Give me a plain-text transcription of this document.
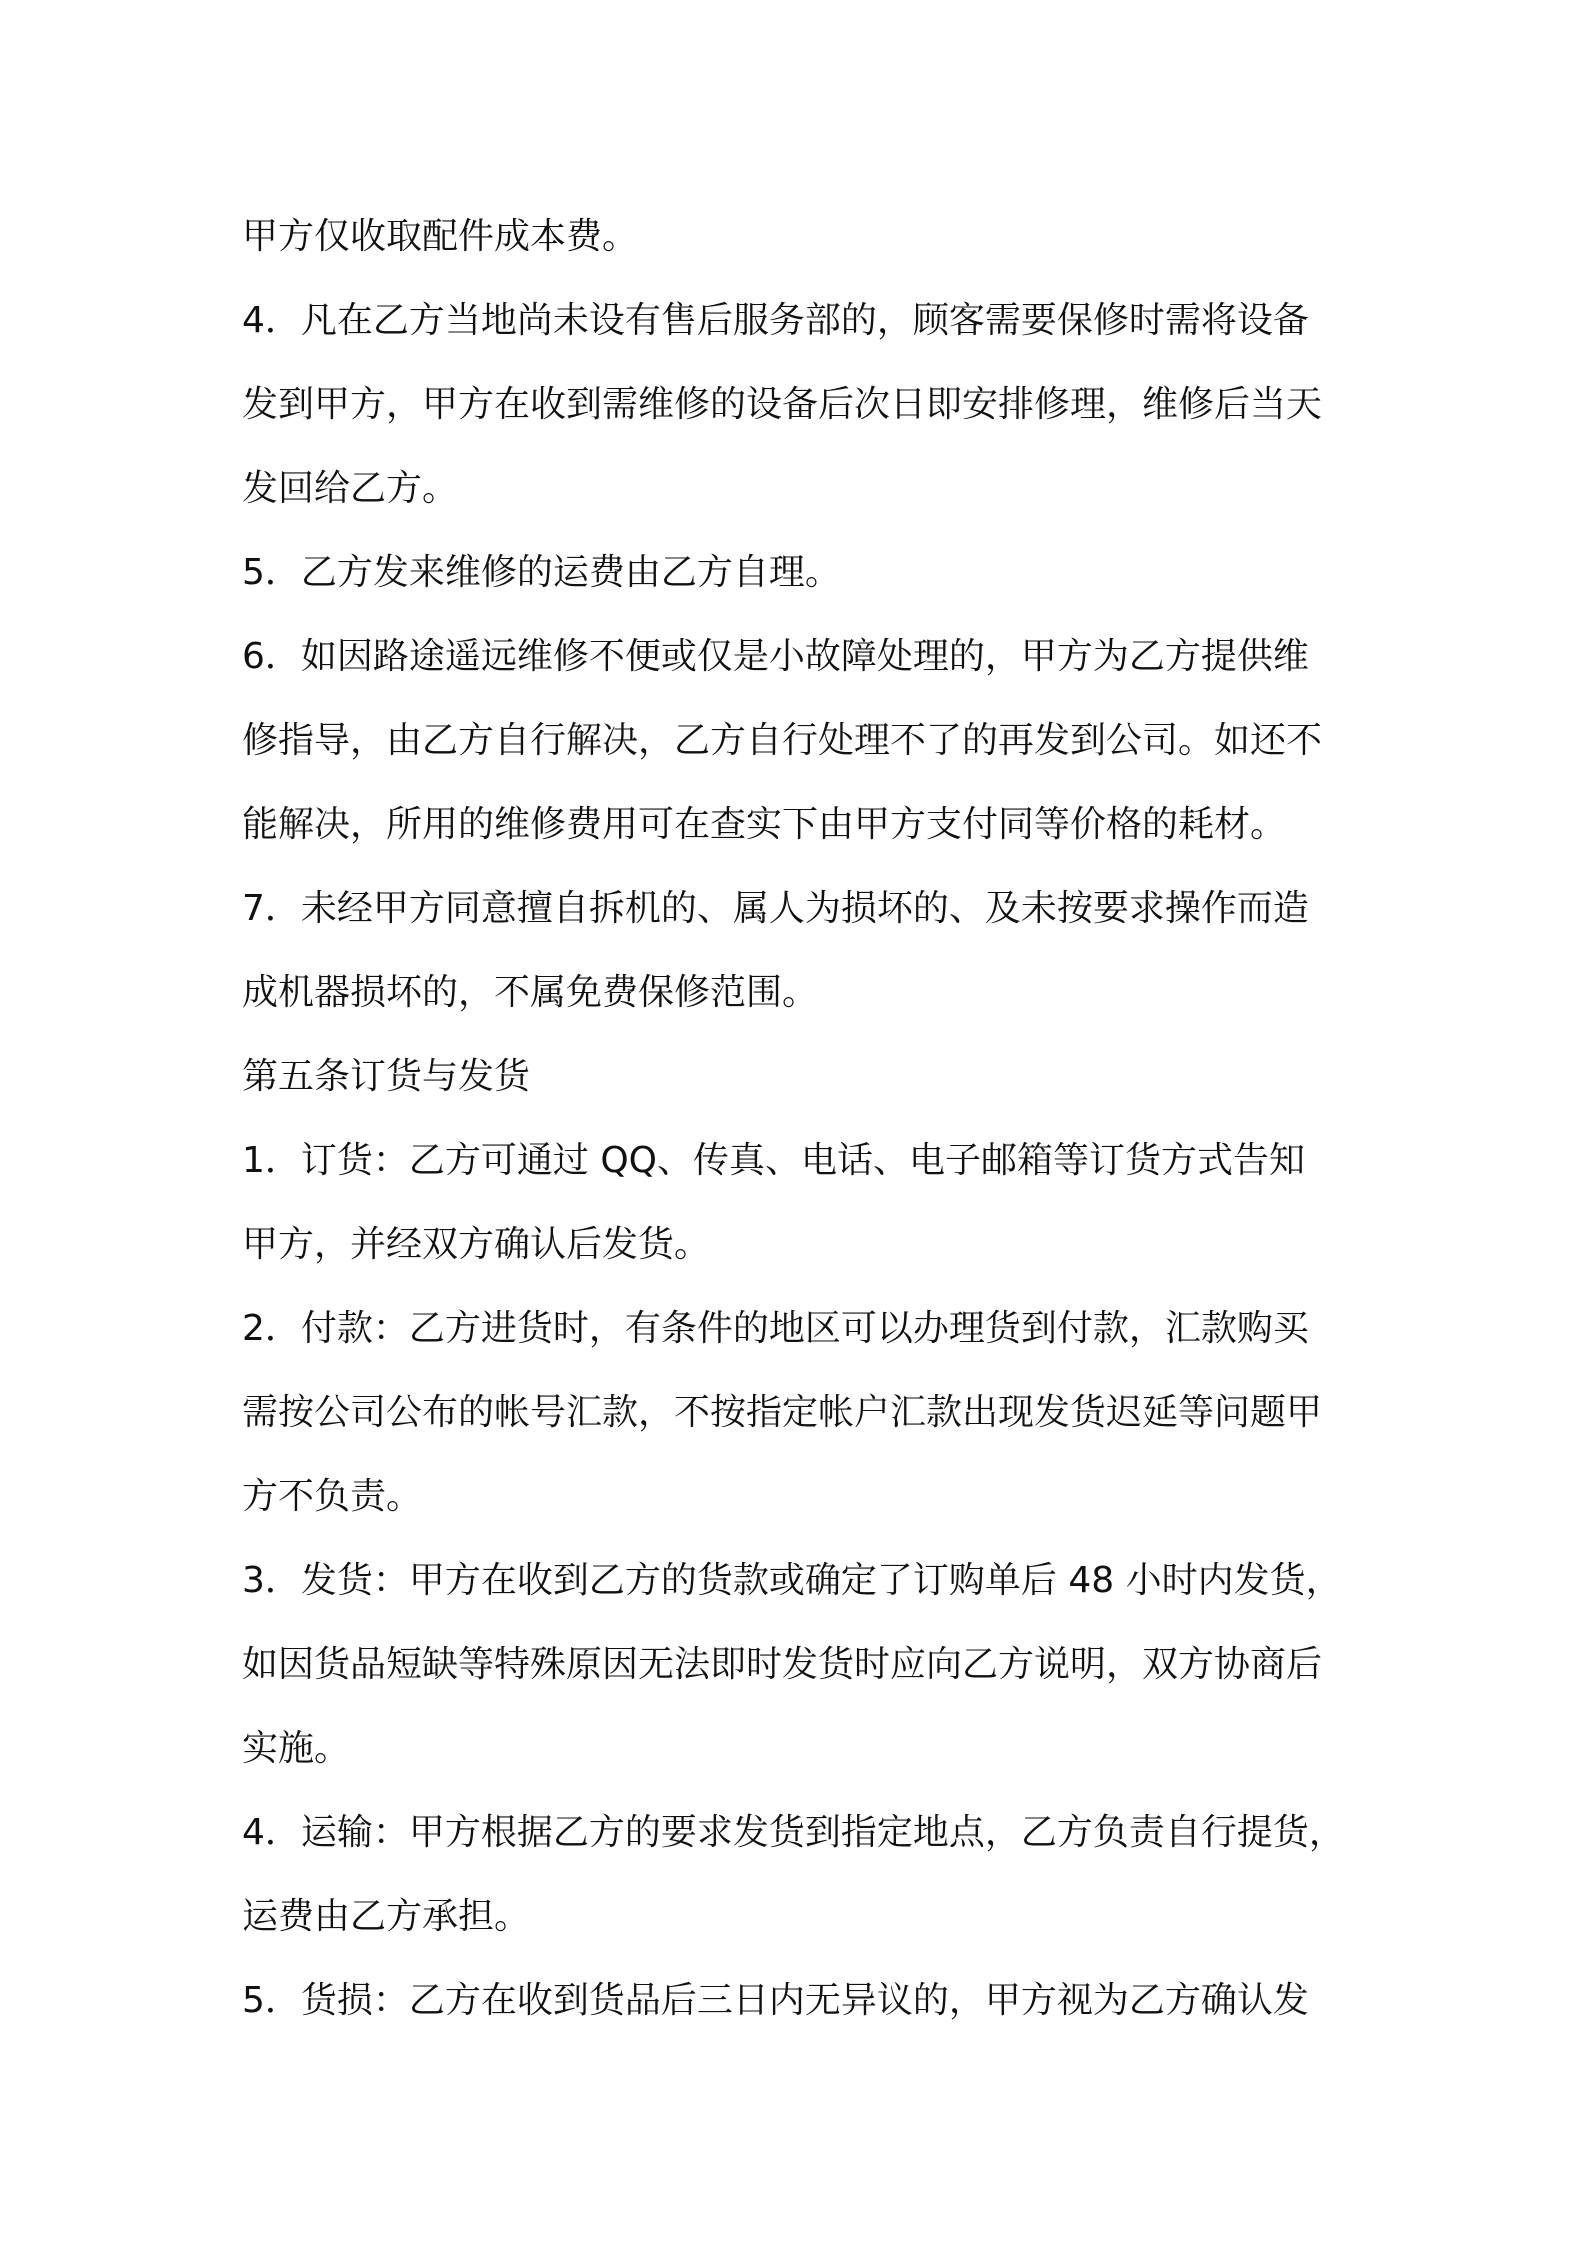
甲方仅收取配件成本费。

4．凡在乙方当地尚未设有售后服务部的，顾客需要保修时需将设备
发到甲方，甲方在收到需维修的设备后次日即安排修理，维修后当天
发回给乙方。

5．乙方发来维修的运费由乙方自理。

6．如因路途遥远维修不便或仅是小故障处理的，甲方为乙方提供维
修指导，由乙方自行解决，乙方自行处理不了的再发到公司。如还不
能解决，所用的维修费用可在查实下由甲方支付同等价格的耗材。

7．未经甲方同意擅自拆机的、属人为损坏的、及未按要求操作而造
成机器损坏的，不属免费保修范围。

第五条订货与发货

1．订货：乙方可通过 QQ、传真、电话、电子邮箱等订货方式告知
甲方，并经双方确认后发货。

2．付款：乙方进货时，有条件的地区可以办理货到付款，汇款购买
需按公司公布的帐号汇款，不按指定帐户汇款出现发货迟延等问题甲
方不负责。

3．发货：甲方在收到乙方的货款或确定了订购单后 48 小时内发货，
如因货品短缺等特殊原因无法即时发货时应向乙方说明，双方协商后
实施。

4．运输：甲方根据乙方的要求发货到指定地点，乙方负责自行提货，
运费由乙方承担。

5．货损：乙方在收到货品后三日内无异议的，甲方视为乙方确认发
